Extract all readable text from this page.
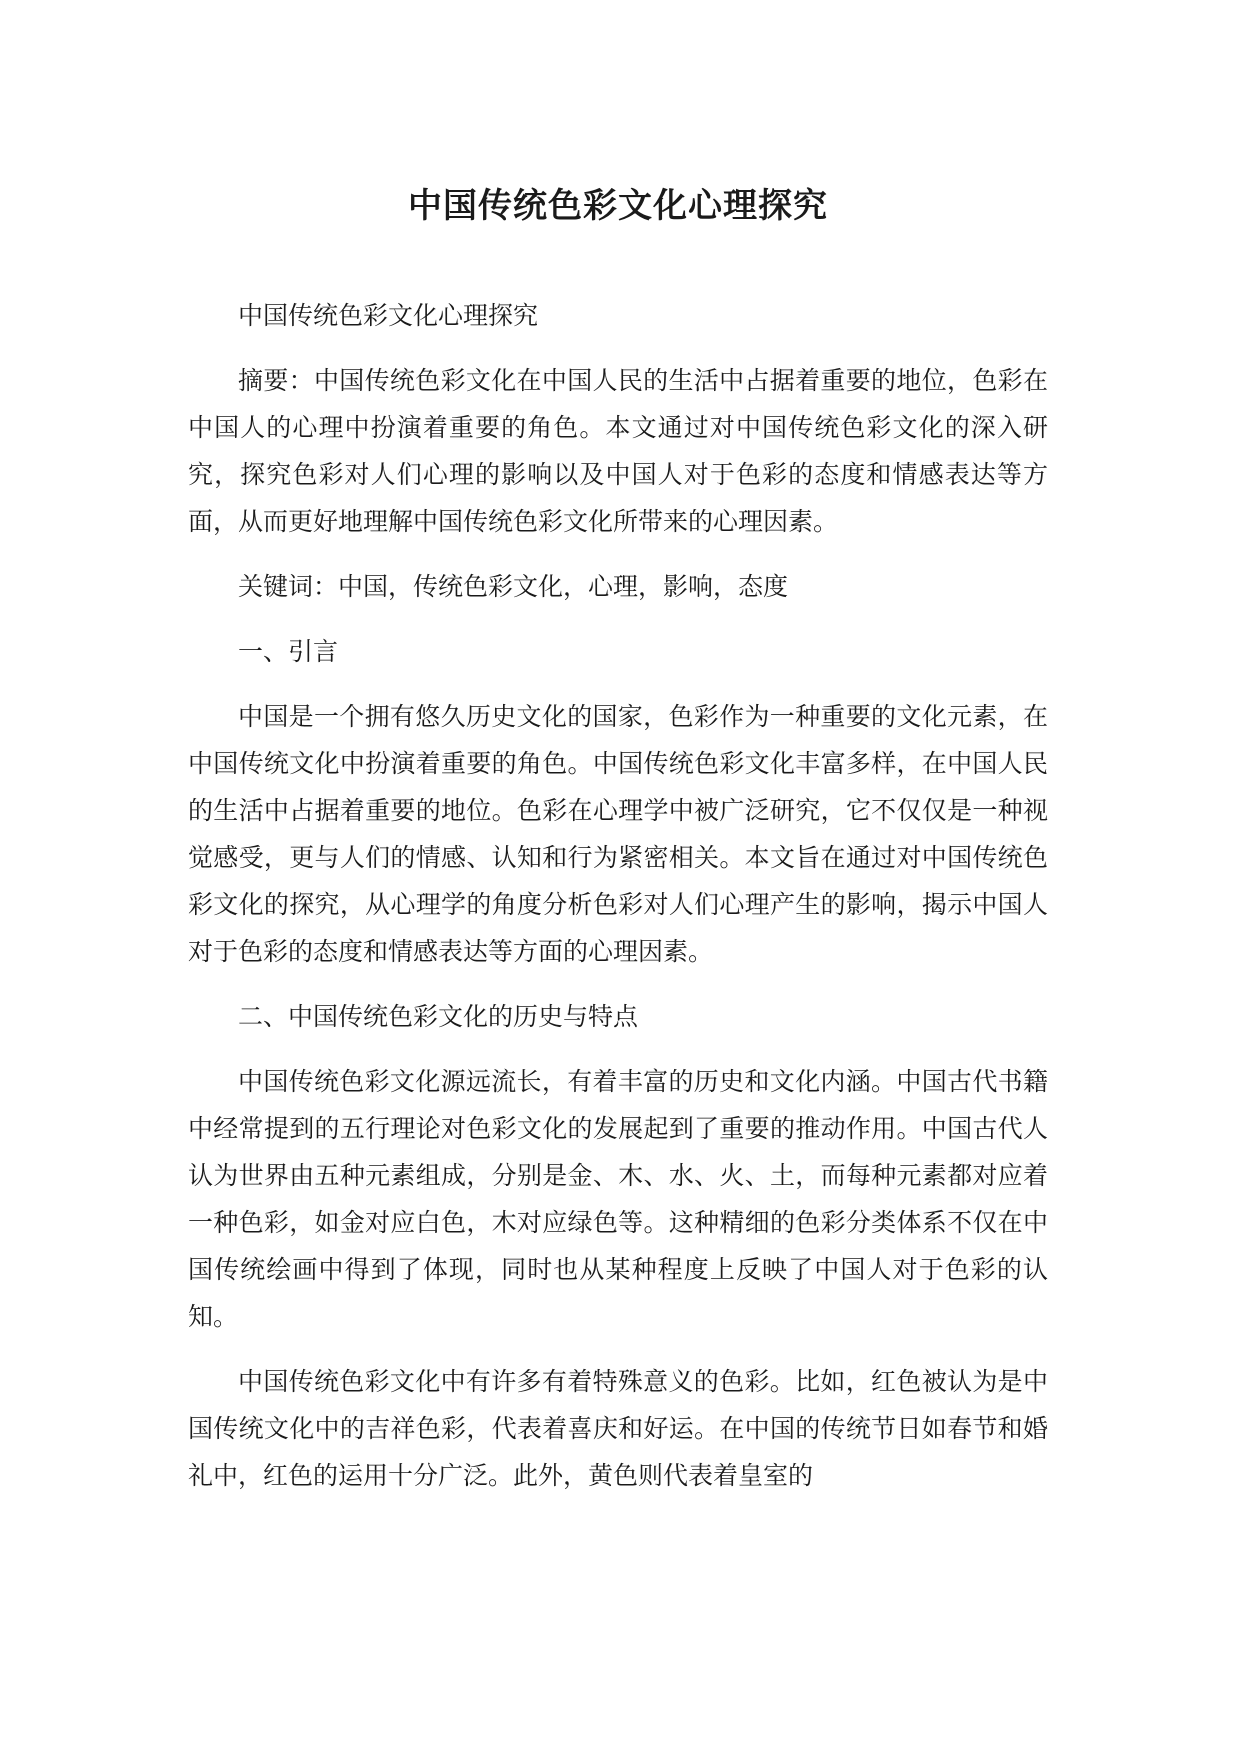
中国传统色彩文化心理探究

中国传统色彩文化心理探究

摘要：中国传统色彩文化在中国人民的生活中占据着重要的地位，色彩在中国人的心理中扮演着重要的角色。本文通过对中国传统色彩文化的深入研究，探究色彩对人们心理的影响以及中国人对于色彩的态度和情感表达等方面，从而更好地理解中国传统色彩文化所带来的心理因素。

关键词：中国，传统色彩文化，心理，影响，态度

一、引言

中国是一个拥有悠久历史文化的国家，色彩作为一种重要的文化元素，在中国传统文化中扮演着重要的角色。中国传统色彩文化丰富多样，在中国人民的生活中占据着重要的地位。色彩在心理学中被广泛研究，它不仅仅是一种视觉感受，更与人们的情感、认知和行为紧密相关。本文旨在通过对中国传统色彩文化的探究，从心理学的角度分析色彩对人们心理产生的影响，揭示中国人对于色彩的态度和情感表达等方面的心理因素。

二、中国传统色彩文化的历史与特点

中国传统色彩文化源远流长，有着丰富的历史和文化内涵。中国古代书籍中经常提到的五行理论对色彩文化的发展起到了重要的推动作用。中国古代人认为世界由五种元素组成，分别是金、木、水、火、土，而每种元素都对应着一种色彩，如金对应白色，木对应绿色等。这种精细的色彩分类体系不仅在中国传统绘画中得到了体现，同时也从某种程度上反映了中国人对于色彩的认知。

中国传统色彩文化中有许多有着特殊意义的色彩。比如，红色被认为是中国传统文化中的吉祥色彩，代表着喜庆和好运。在中国的传统节日如春节和婚礼中，红色的运用十分广泛。此外，黄色则代表着皇室的
